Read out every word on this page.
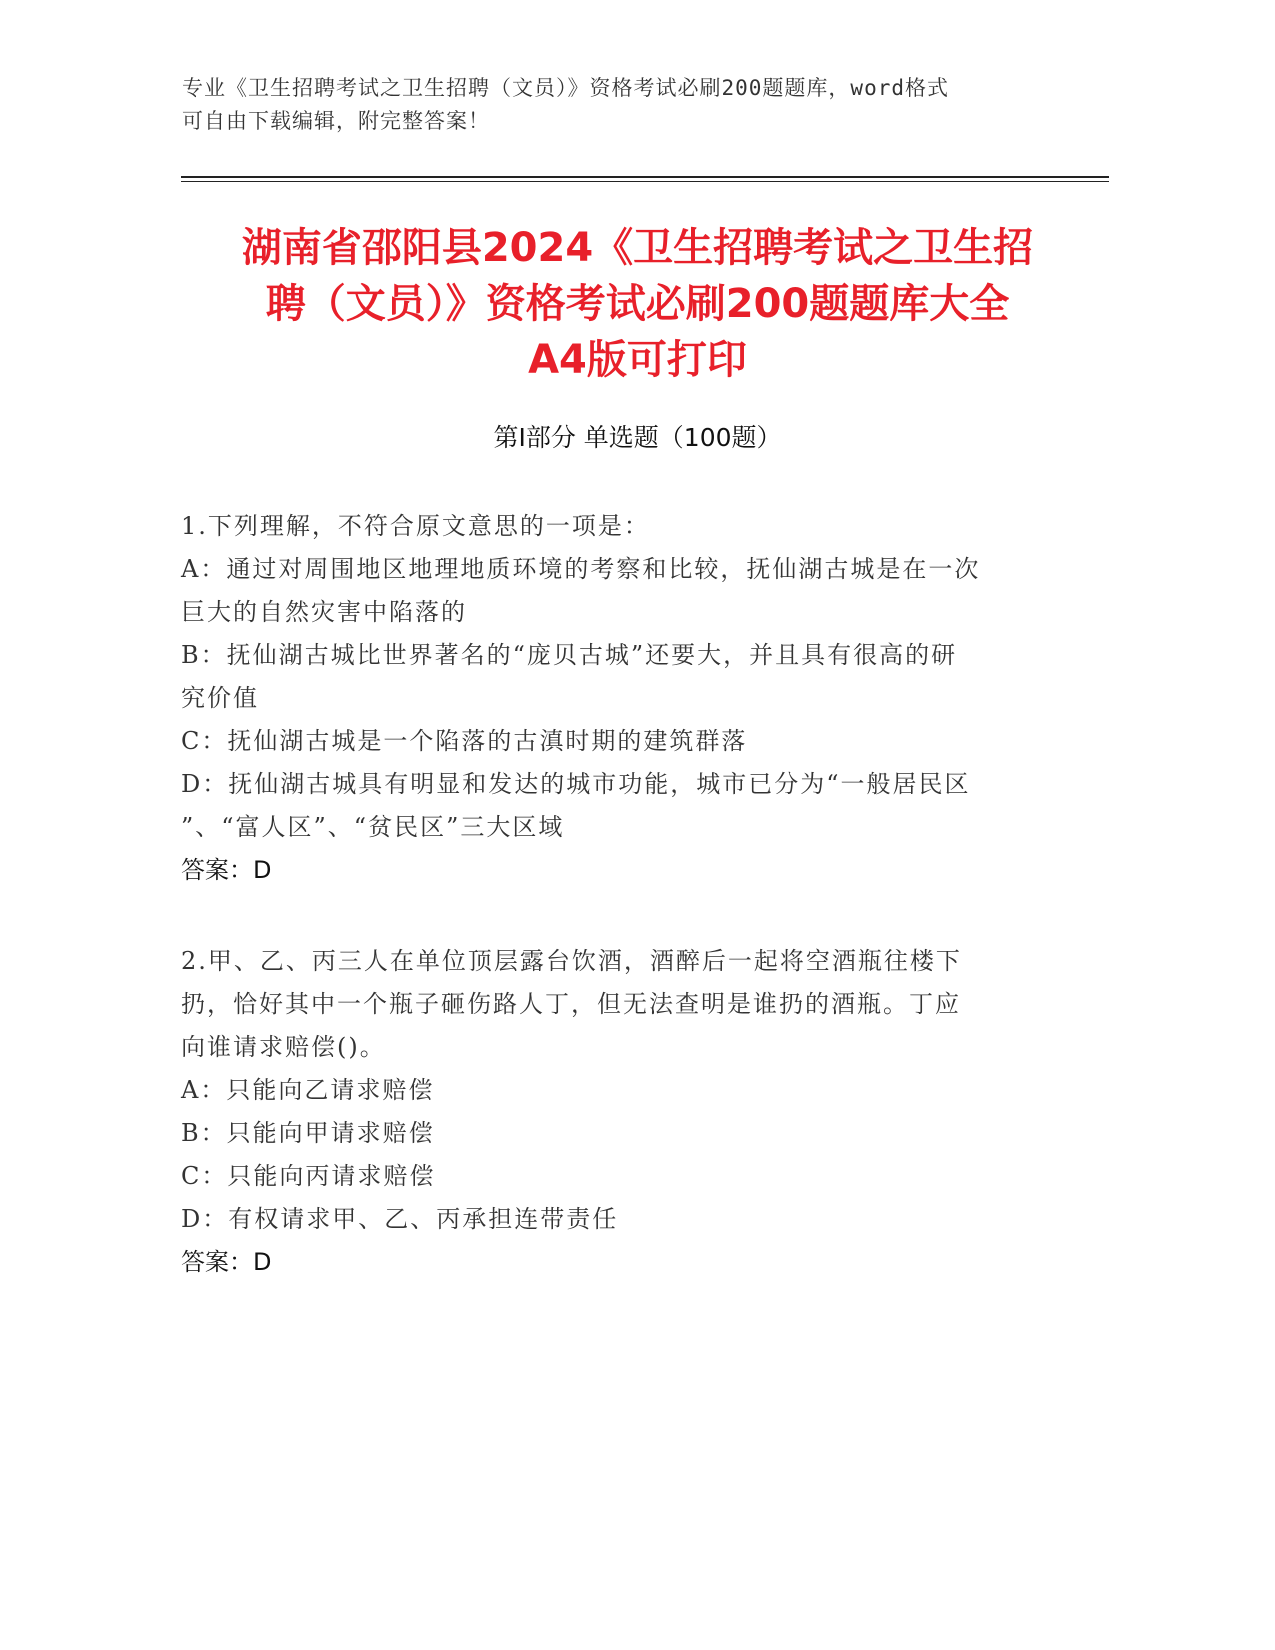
专业《卫生招聘考试之卫生招聘（文员）》资格考试必刷200题题库，word格式
可自由下载编辑，附完整答案！
湖南省邵阳县2024《卫生招聘考试之卫生招
聘（文员）》资格考试必刷200题题库大全
A4版可打印
第Ⅰ部分 单选题（100题）
1.下列理解，不符合原文意思的一项是：
A：通过对周围地区地理地质环境的考察和比较，抚仙湖古城是在一次
巨大的自然灾害中陷落的
B：抚仙湖古城比世界著名的“庞贝古城”还要大，并且具有很高的研
究价值
C：抚仙湖古城是一个陷落的古滇时期的建筑群落
D：抚仙湖古城具有明显和发达的城市功能，城市已分为“一般居民区
”、“富人区”、“贫民区”三大区域
答案：D
2.甲、乙、丙三人在单位顶层露台饮酒，酒醉后一起将空酒瓶往楼下
扔，恰好其中一个瓶子砸伤路人丁，但无法查明是谁扔的酒瓶。丁应
向谁请求赔偿()。
A：只能向乙请求赔偿
B：只能向甲请求赔偿
C：只能向丙请求赔偿
D：有权请求甲、乙、丙承担连带责任
答案：D
